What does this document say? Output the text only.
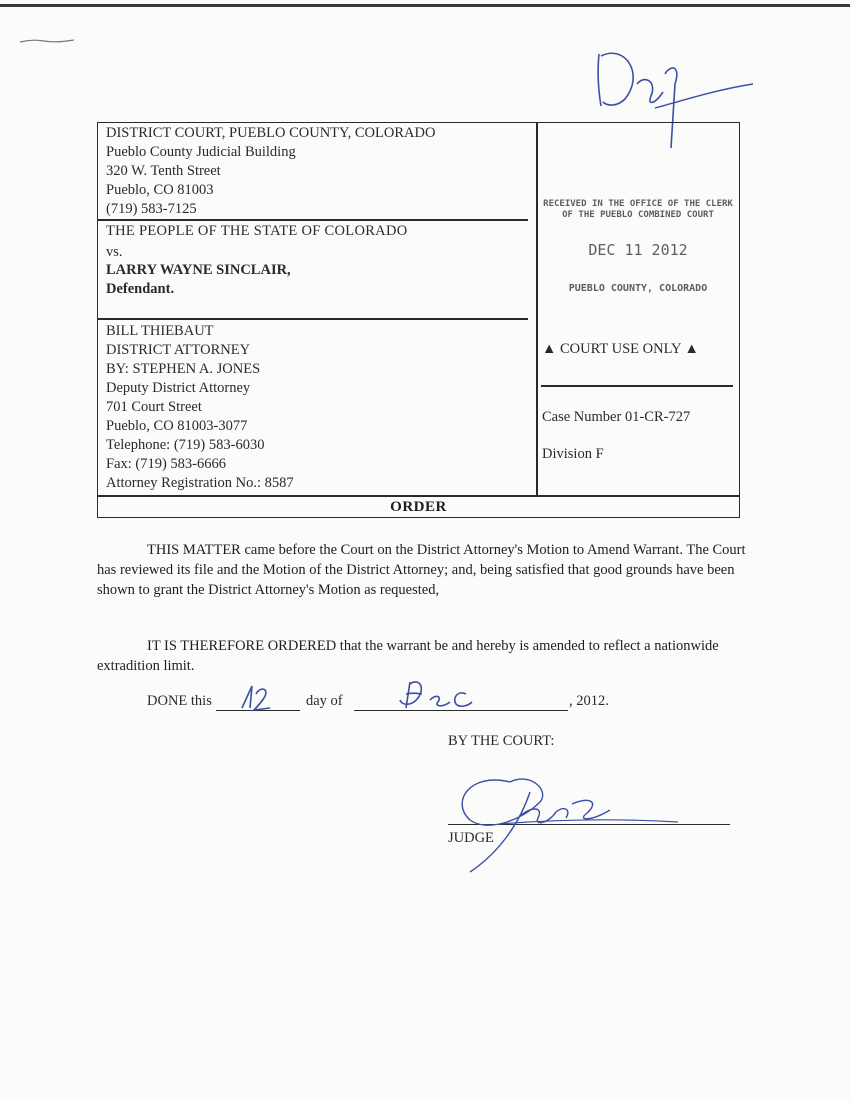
DISTRICT COURT, PUEBLO COUNTY, COLORADO
Pueblo County Judicial Building
320 W. Tenth Street
Pueblo, CO 81003
(719) 583-7125
THE PEOPLE OF THE STATE OF COLORADO
vs.
LARRY WAYNE SINCLAIR,
Defendant.
BILL THIEBAUT
DISTRICT ATTORNEY
BY: STEPHEN A. JONES
Deputy District Attorney
701 Court Street
Pueblo, CO 81003-3077
Telephone: (719) 583-6030
Fax: (719) 583-6666
Attorney Registration No.: 8587
RECEIVED IN THE OFFICE OF THE CLERK
OF THE PUEBLO COMBINED COURT
DEC 11 2012
PUEBLO COUNTY, COLORADO
▲ COURT USE ONLY ▲
Case Number 01-CR-727
Division F
ORDER

THIS MATTER came before the Court on the District Attorney's Motion to Amend Warrant. The Court has reviewed its file and the Motion of the District Attorney; and, being satisfied that good grounds have been shown to grant the District Attorney's Motion as requested,

IT IS THEREFORE ORDERED that the warrant be and hereby is amended to reflect a nationwide extradition limit.

DONE this	day of	, 2012.
BY THE COURT:
JUDGE
